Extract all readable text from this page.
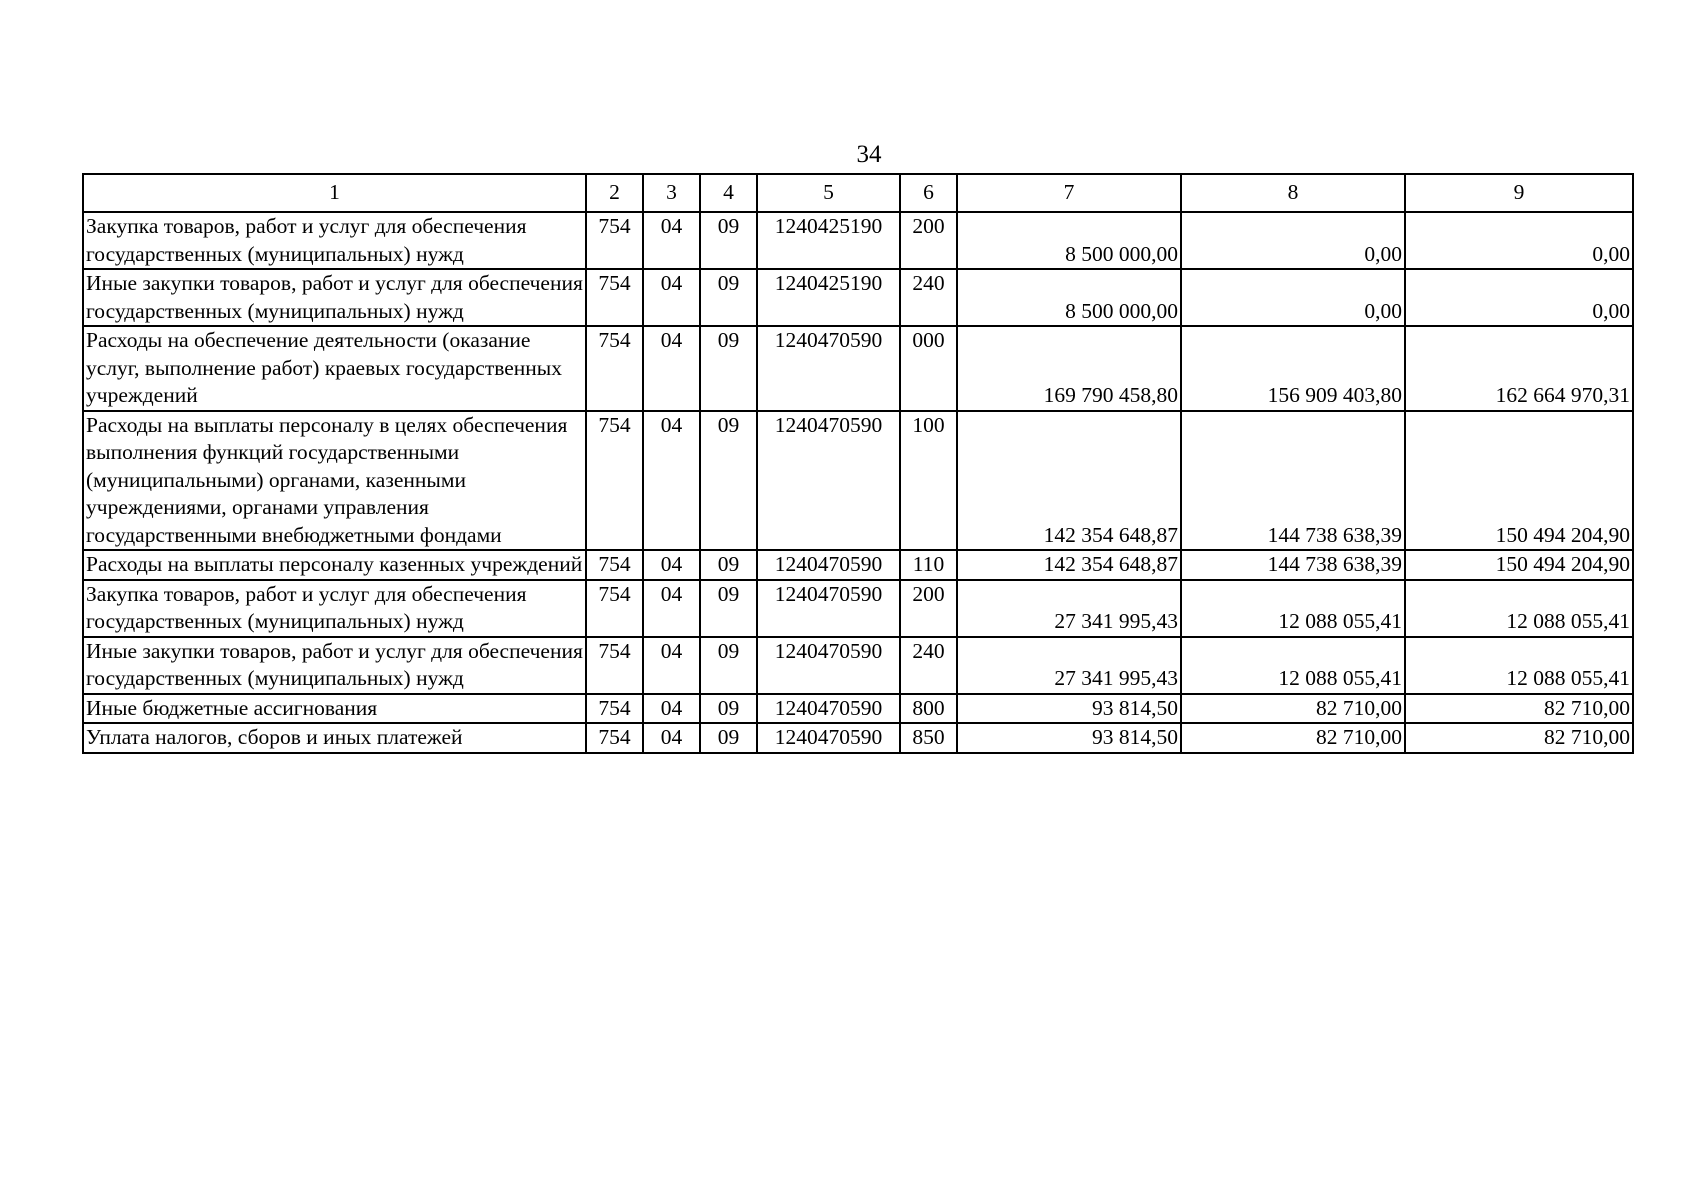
34
1	2	3	4	5	6	7	8	9
Закупка товаров, работ и услуг для обеспечения государственных (муниципальных) нужд	754	04	09	1240425190	200	8 500 000,00	0,00	0,00
Иные закупки товаров, работ и услуг для обеспечения государственных (муниципальных) нужд	754	04	09	1240425190	240	8 500 000,00	0,00	0,00
Расходы на обеспечение деятельности (оказание услуг, выполнение работ) краевых государственных учреждений	754	04	09	1240470590	000	169 790 458,80	156 909 403,80	162 664 970,31
Расходы на выплаты персоналу в целях обеспечения выполнения функций государственными (муниципальными) органами, казенными учреждениями, органами управления государственными внебюджетными фондами	754	04	09	1240470590	100	142 354 648,87	144 738 638,39	150 494 204,90
Расходы на выплаты персоналу казенных учреждений	754	04	09	1240470590	110	142 354 648,87	144 738 638,39	150 494 204,90
Закупка товаров, работ и услуг для обеспечения государственных (муниципальных) нужд	754	04	09	1240470590	200	27 341 995,43	12 088 055,41	12 088 055,41
Иные закупки товаров, работ и услуг для обеспечения государственных (муниципальных) нужд	754	04	09	1240470590	240	27 341 995,43	12 088 055,41	12 088 055,41
Иные бюджетные ассигнования	754	04	09	1240470590	800	93 814,50	82 710,00	82 710,00
Уплата налогов, сборов и иных платежей	754	04	09	1240470590	850	93 814,50	82 710,00	82 710,00
